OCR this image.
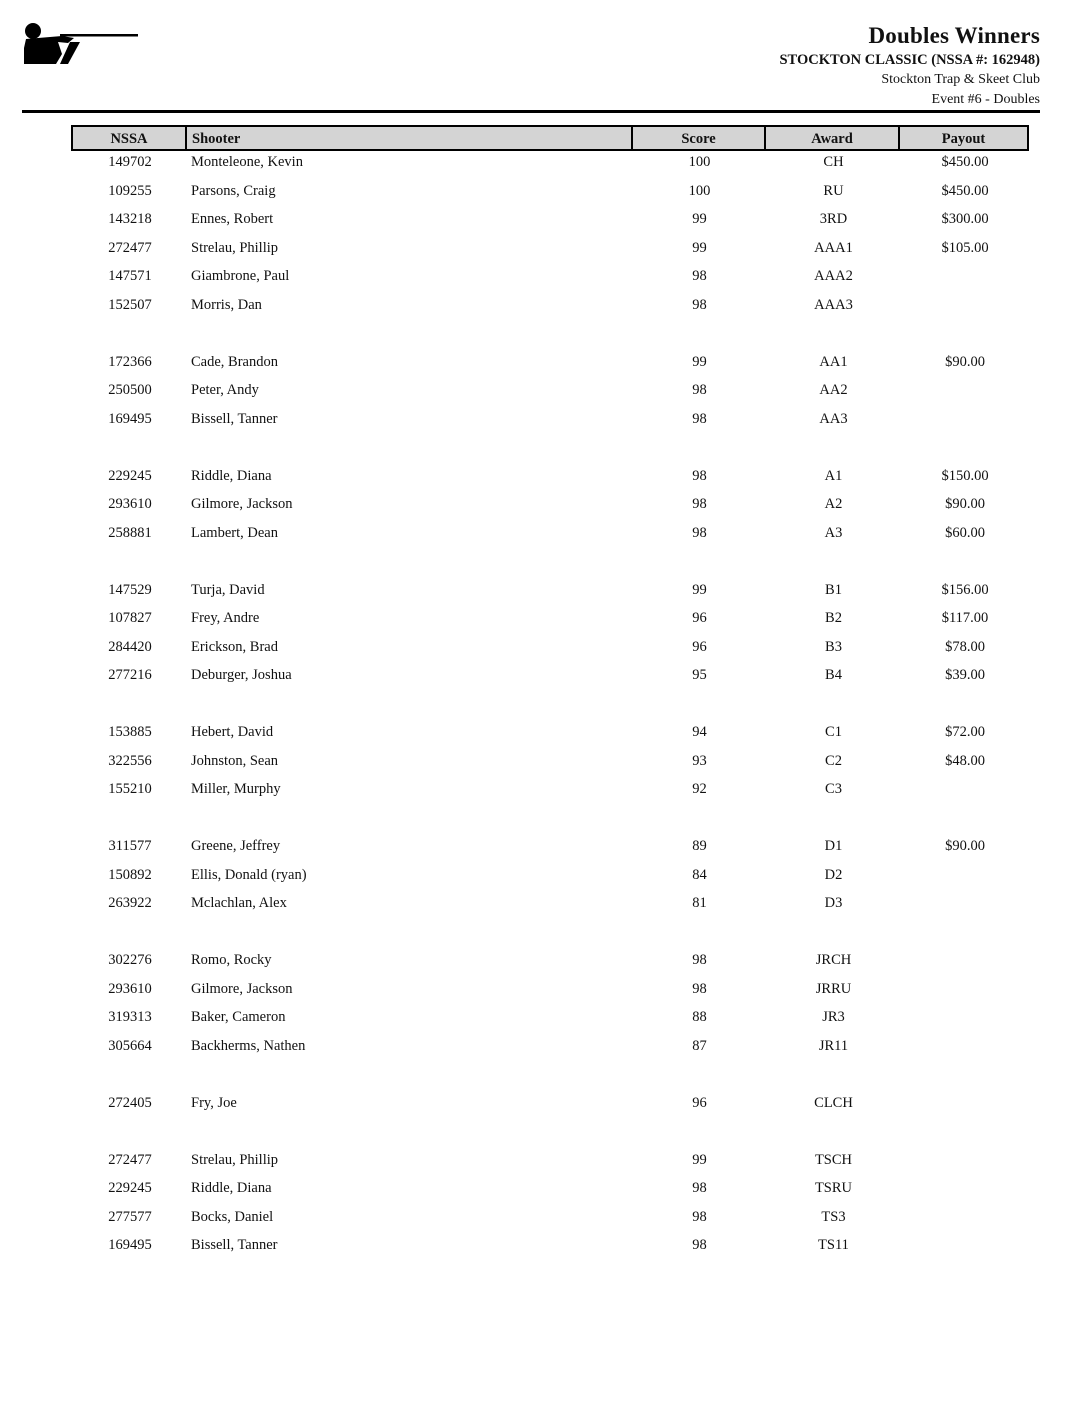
Doubles Winners
STOCKTON CLASSIC (NSSA #: 162948)
Stockton Trap & Skeet Club
Event #6 - Doubles
NSSA	Shooter	Score	Award	Payout
149702	Monteleone, Kevin	100	CH	$450.00
109255	Parsons, Craig	100	RU	$450.00
143218	Ennes, Robert	99	3RD	$300.00
272477	Strelau, Phillip	99	AAA1	$105.00
147571	Giambrone, Paul	98	AAA2
152507	Morris, Dan	98	AAA3
172366	Cade, Brandon	99	AA1	$90.00
250500	Peter, Andy	98	AA2
169495	Bissell, Tanner	98	AA3
229245	Riddle, Diana	98	A1	$150.00
293610	Gilmore, Jackson	98	A2	$90.00
258881	Lambert, Dean	98	A3	$60.00
147529	Turja, David	99	B1	$156.00
107827	Frey, Andre	96	B2	$117.00
284420	Erickson, Brad	96	B3	$78.00
277216	Deburger, Joshua	95	B4	$39.00
153885	Hebert, David	94	C1	$72.00
322556	Johnston, Sean	93	C2	$48.00
155210	Miller, Murphy	92	C3
311577	Greene, Jeffrey	89	D1	$90.00
150892	Ellis, Donald (ryan)	84	D2
263922	Mclachlan, Alex	81	D3
302276	Romo, Rocky	98	JRCH
293610	Gilmore, Jackson	98	JRRU
319313	Baker, Cameron	88	JR3
305664	Backherms, Nathen	87	JR11
272405	Fry, Joe	96	CLCH
272477	Strelau, Phillip	99	TSCH
229245	Riddle, Diana	98	TSRU
277577	Bocks, Daniel	98	TS3
169495	Bissell, Tanner	98	TS11
